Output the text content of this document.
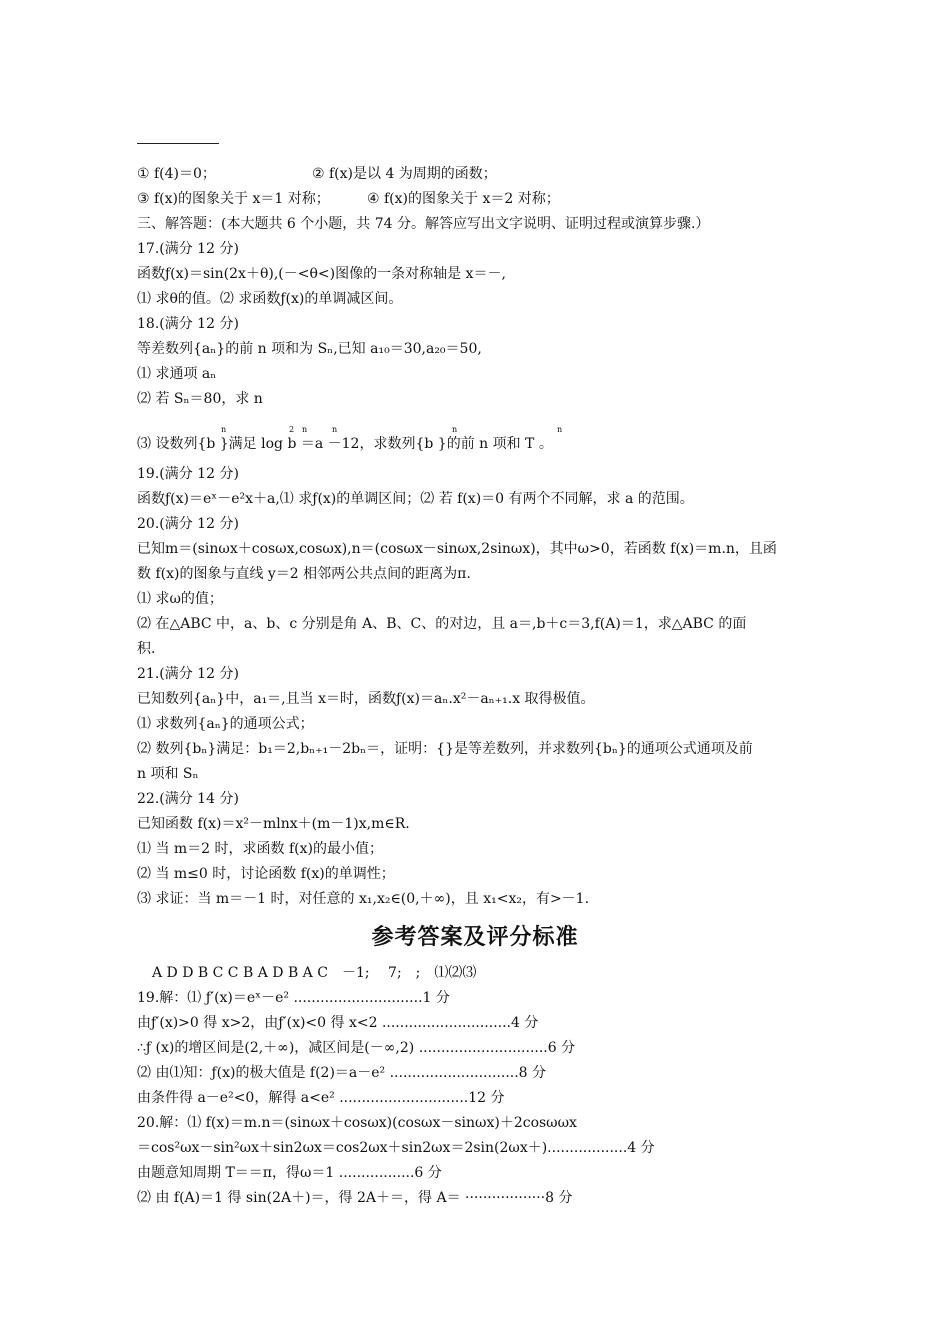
① f(4)＝0；	② f(x)是以 4 为周期的函数；
③ f(x)的图象关于 x＝1 对称；	④ f(x)的图象关于 x＝2 对称；
三、解答题：(本大题共 6 个小题，共 74 分。解答应写出文字说明、证明过程或演算步骤.）
17.(满分 12 分)
函数ƒ(x)＝sin(2x＋θ),(－<θ<)图像的一条对称轴是 x＝－,
⑴ 求θ的值。⑵ 求函数ƒ(x)的单调减区间。
18.(满分 12 分)
等差数列{aₙ}的前 n 项和为 Sₙ,已知 a₁₀＝30,a₂₀＝50,
⑴ 求通项 aₙ
⑵ 若 Sₙ＝80，求 n
⑶ 设数列{b }满足 log b ＝a －12，求数列{b }的前 n 项和 T 。
n	2 n	n	n	n
19.(满分 12 分)
函数ƒ(x)＝eˣ－e²x＋a,⑴ 求ƒ(x)的单调区间；⑵ 若 f(x)＝0 有两个不同解，求 a 的范围。
20.(满分 12 分)
已知m＝(sinωx＋cosωx,cosωx),n＝(cosωx－sinωx,2sinωx)，其中ω>0，若函数 f(x)＝m.n，且函
数 f(x)的图象与直线 y＝2 相邻两公共点间的距离为π.
⑴ 求ω的值；
⑵ 在△ABC 中，a、b、c 分别是角 A、B、C、的对边，且 a＝,b＋c＝3,f(A)＝1，求△ABC 的面
积.
21.(满分 12 分)
已知数列{aₙ}中，a₁＝,且当 x＝时，函数ƒ(x)＝aₙ.x²－aₙ₊₁.x 取得极值。
⑴ 求数列{aₙ}的通项公式；
⑵ 数列{bₙ}满足：b₁＝2,bₙ₊₁－2bₙ＝，证明：{}是等差数列，并求数列{bₙ}的通项公式通项及前
n 项和 Sₙ
22.(满分 14 分)
已知函数 f(x)＝x²－mlnx＋(m－1)x,m∈R.
⑴ 当 m＝2 时，求函数 f(x)的最小值；
⑵ 当 m≤0 时，讨论函数 f(x)的单调性；
⑶ 求证：当 m＝－1 时，对任意的 x₁,x₂∈(0,＋∞)，且 x₁<x₂，有>－1.
参考答案及评分标准
A D D B C C B A D B A C　－1;　 7;　;　⑴⑵⑶
19.解：⑴ ƒ′(x)＝eˣ－e² .............................1 分
由ƒ′(x)>0 得 x>2，由ƒ′(x)<0 得 x<2 .............................4 分
∴ƒ (x)的增区间是(2,＋∞)，减区间是(－∞,2) .............................6 分
⑵ 由⑴知：ƒ(x)的极大值是 f(2)＝a－e² .............................8 分
由条件得 a－e²<0，解得 a<e² .............................12 分
20.解：⑴ f(x)＝m.n＝(sinωx＋cosωx)(cosωx－sinωx)＋2cosωωx
＝cos²ωx－sin²ωx＋sin2ωx＝cos2ωx＋sin2ωx＝2sin(2ωx＋)..................4 分
由题意知周期 T＝＝π，得ω＝1 .................6 分
⑵ 由 f(A)＝1 得 sin(2A＋)＝，得 2A＋＝，得 A＝ ··················8 分
